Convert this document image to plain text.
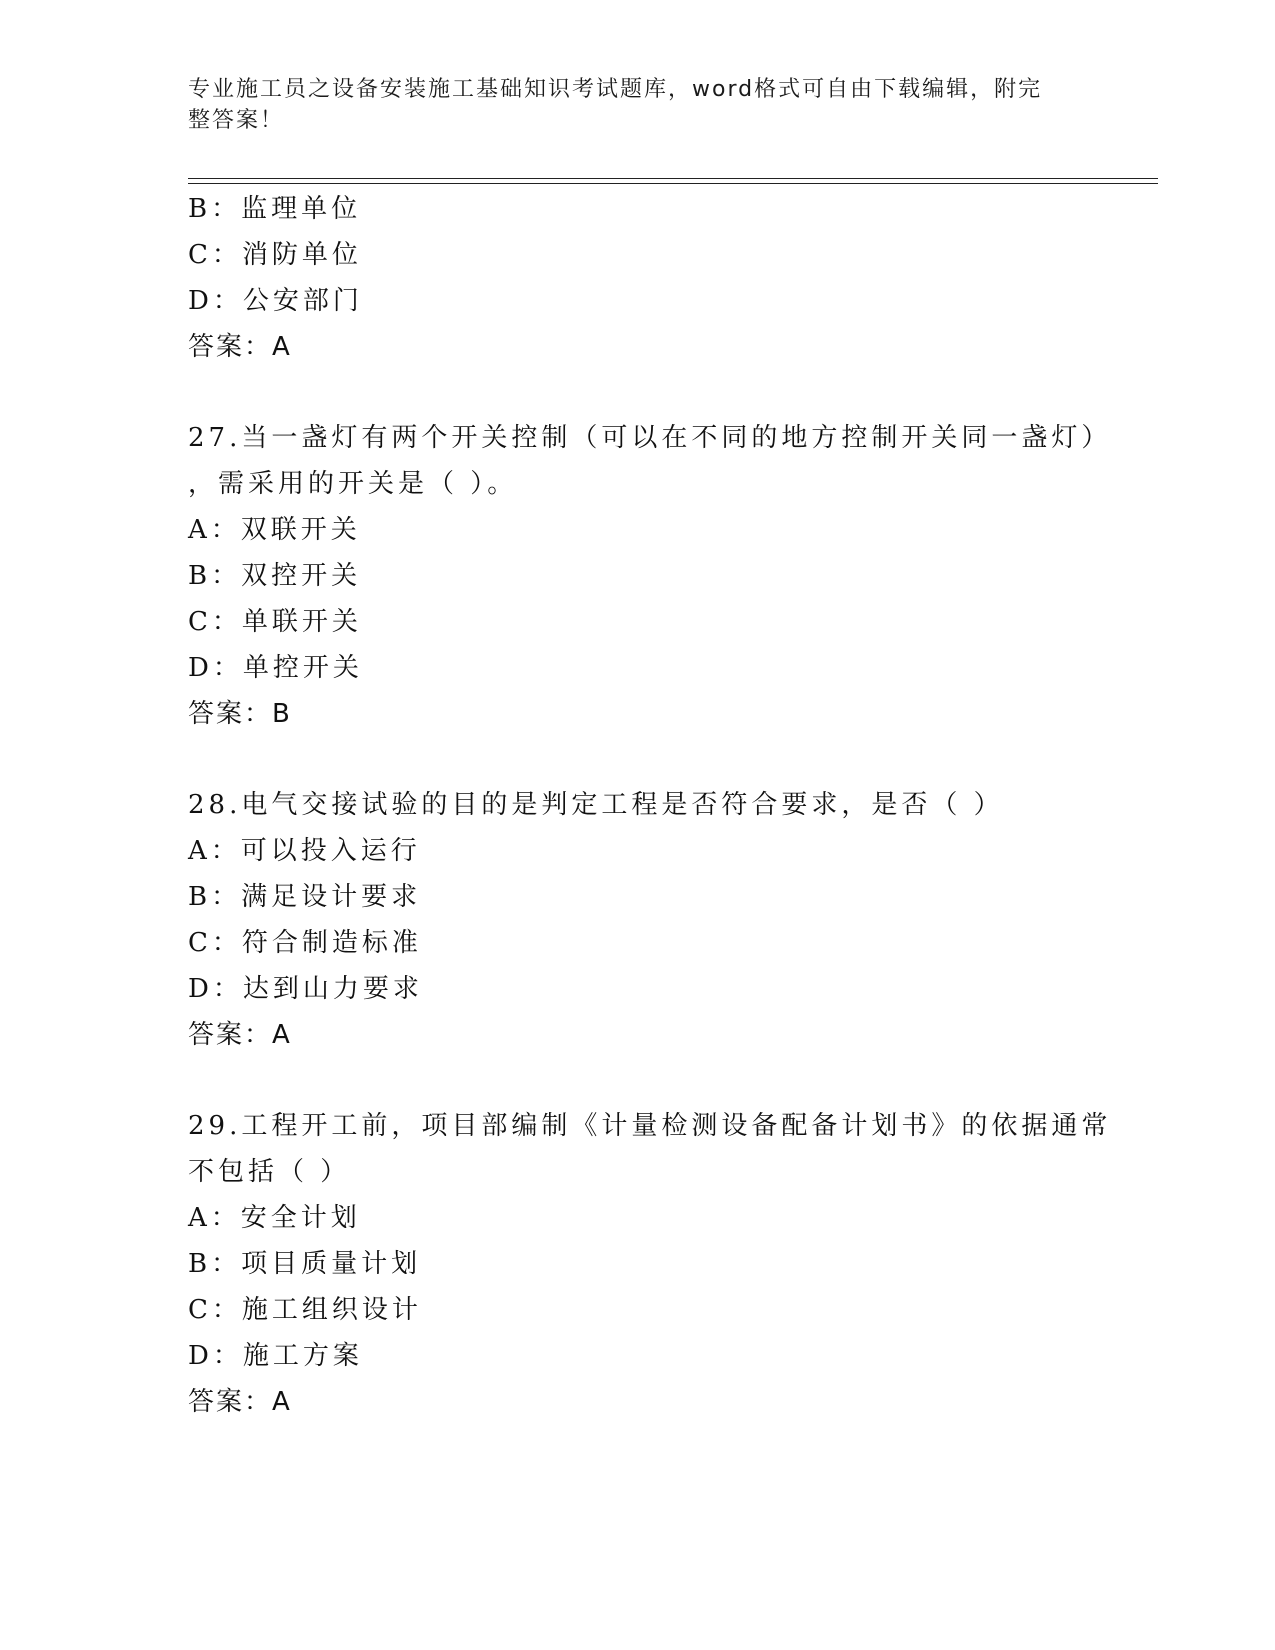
专业施工员之设备安装施工基础知识考试题库，word格式可自由下载编辑，附完
整答案！
B：监理单位
C：消防单位
D：公安部门
答案：A
27.当一盏灯有两个开关控制（可以在不同的地方控制开关同一盏灯）
，需采用的开关是（ ）。
A：双联开关
B：双控开关
C：单联开关
D：单控开关
答案：B
28.电气交接试验的目的是判定工程是否符合要求，是否（ ）
A：可以投入运行
B：满足设计要求
C：符合制造标准
D：达到山力要求
答案：A
29.工程开工前，项目部编制《计量检测设备配备计划书》的依据通常
不包括（ ）
A：安全计划
B：项目质量计划
C：施工组织设计
D：施工方案
答案：A
